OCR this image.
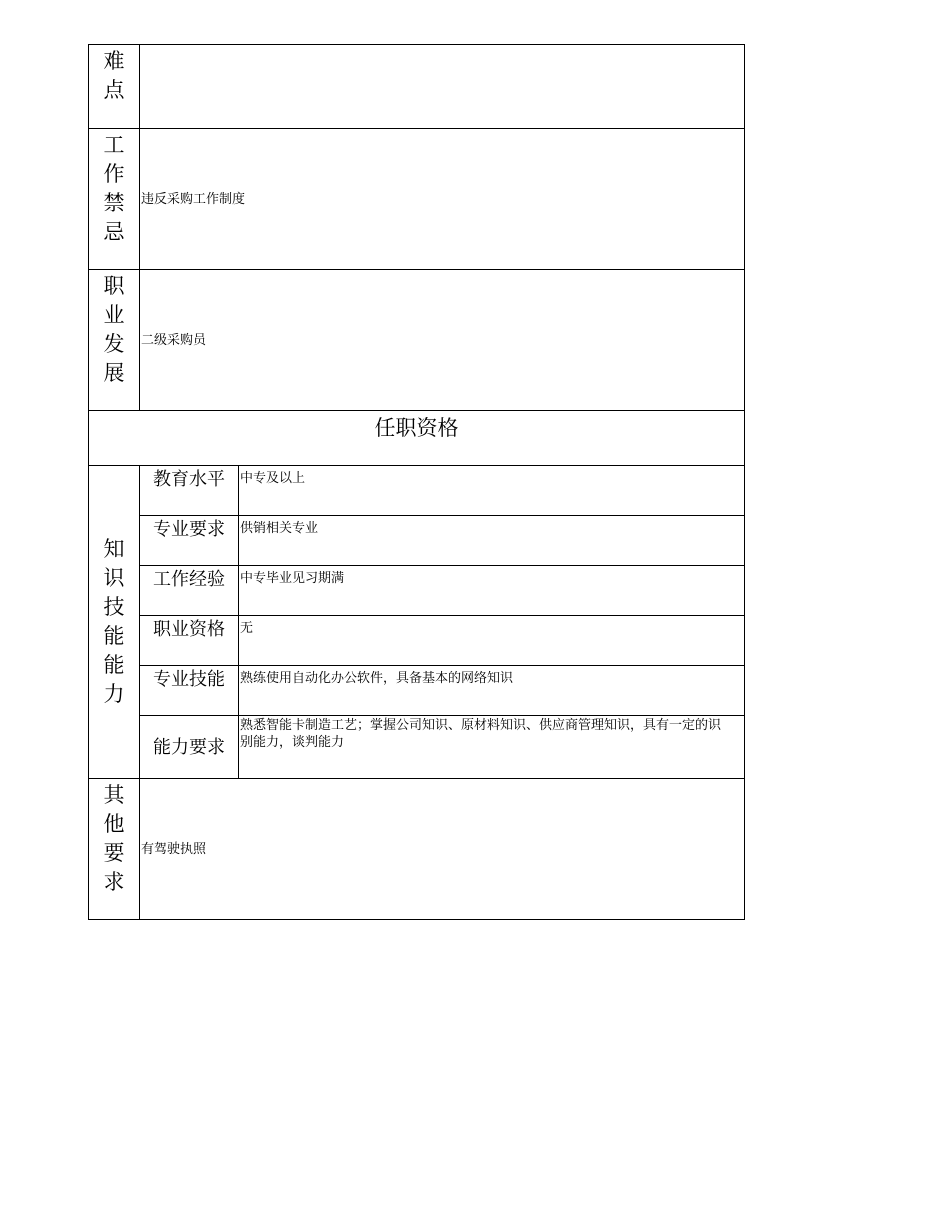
难点		
工作禁忌	违反采购工作制度	
职业发展	二级采购员	
任职资格		
知识技能能力	教育水平	中专及以上
	专业要求	供销相关专业
	工作经验	中专毕业见习期满
	职业资格	无
	专业技能	熟练使用自动化办公软件，具备基本的网络知识
	能力要求	熟悉智能卡制造工艺；掌握公司知识、原材料知识、供应商管理知识，具有一定的识别能力，谈判能力
其他要求	有驾驶执照	
